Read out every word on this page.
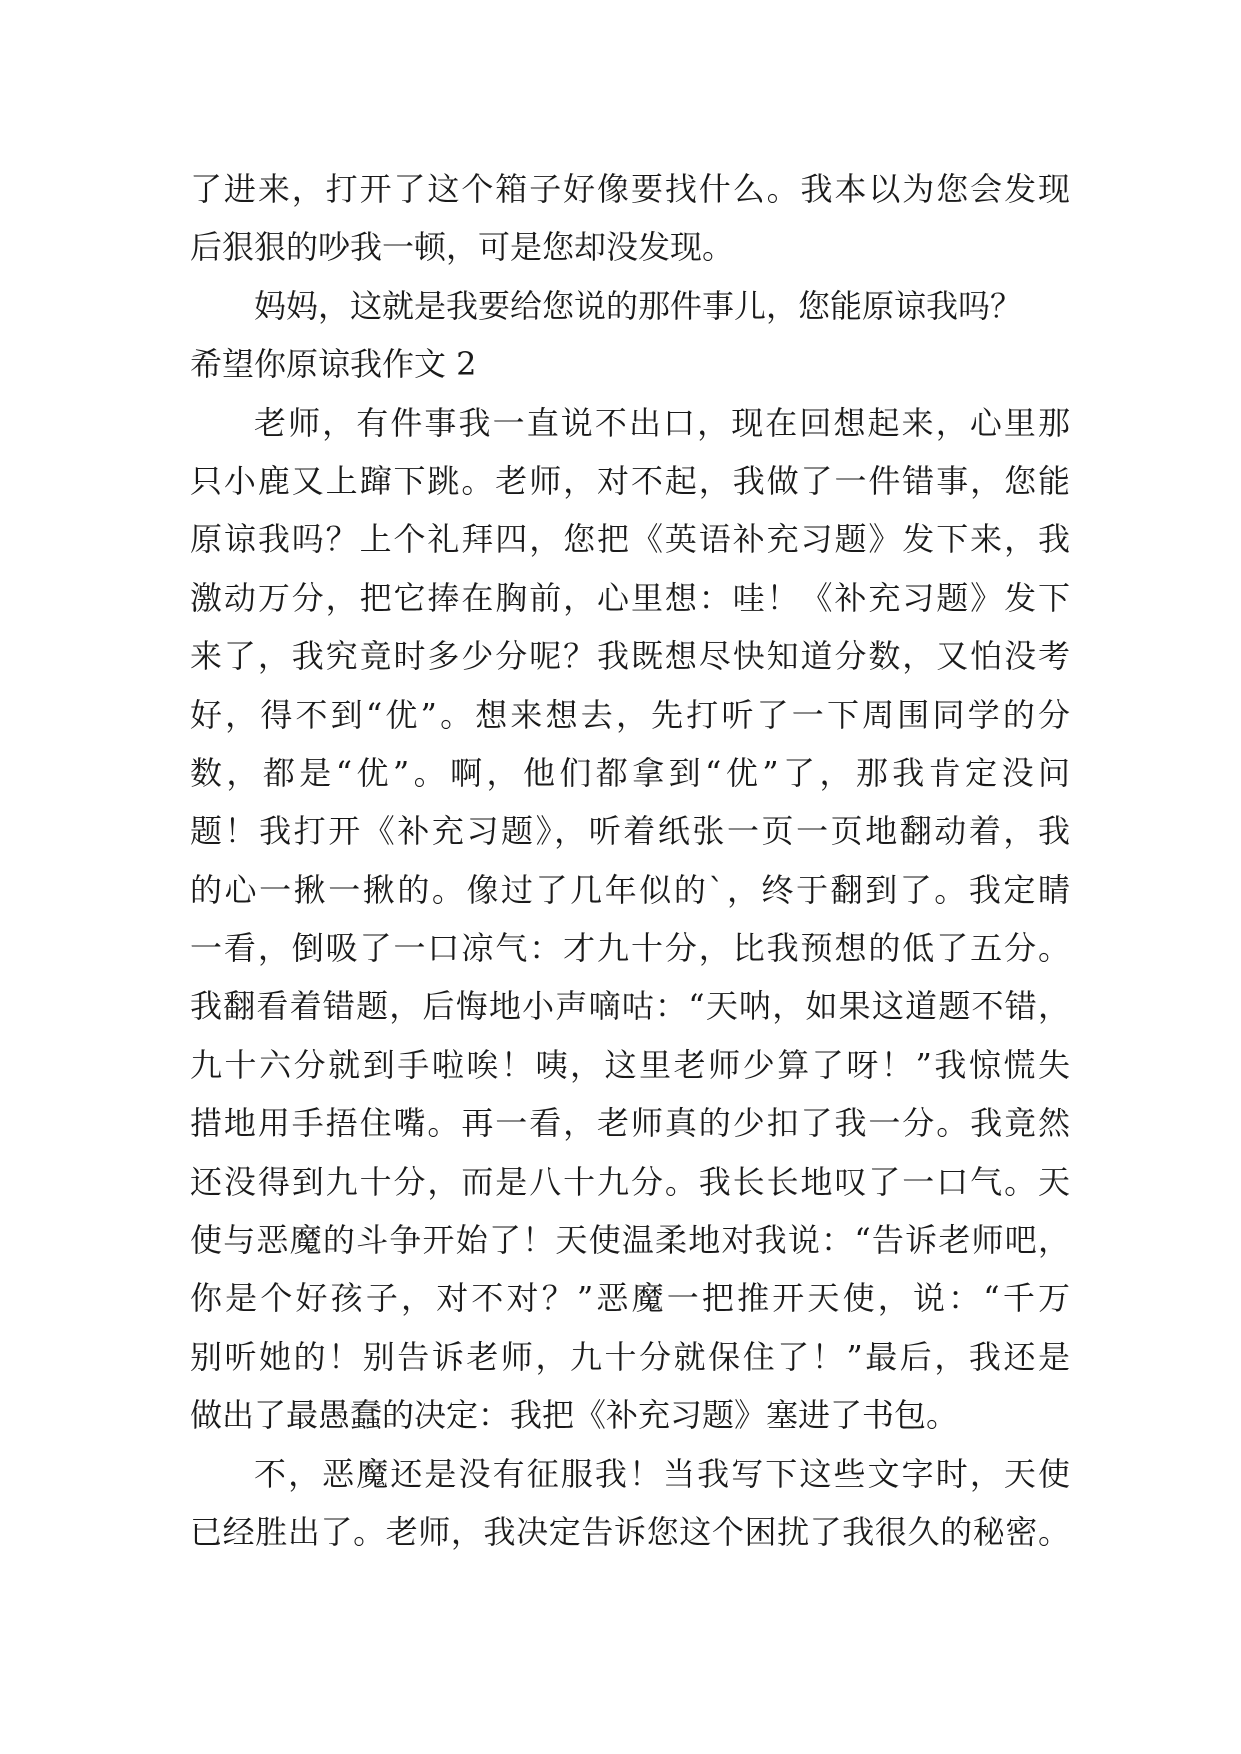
了进来，打开了这个箱子好像要找什么。我本以为您会发现
后狠狠的吵我一顿，可是您却没发现。
妈妈，这就是我要给您说的那件事儿，您能原谅我吗？
希望你原谅我作文 2
老师，有件事我一直说不出口，现在回想起来，心里那
只小鹿又上蹿下跳。老师，对不起，我做了一件错事，您能
原谅我吗？上个礼拜四，您把《英语补充习题》发下来，我
激动万分，把它捧在胸前，心里想：哇！《补充习题》发下
来了，我究竟时多少分呢？我既想尽快知道分数，又怕没考
好，得不到“优”。想来想去，先打听了一下周围同学的分
数，都是“优”。啊，他们都拿到“优”了，那我肯定没问
题！我打开《补充习题》，听着纸张一页一页地翻动着，我
的心一揪一揪的。像过了几年似的`，终于翻到了。我定睛
一看，倒吸了一口凉气：才九十分，比我预想的低了五分。
我翻看着错题，后悔地小声嘀咕：“天呐，如果这道题不错，
九十六分就到手啦唉！咦，这里老师少算了呀！”我惊慌失
措地用手捂住嘴。再一看，老师真的少扣了我一分。我竟然
还没得到九十分，而是八十九分。我长长地叹了一口气。天
使与恶魔的斗争开始了！天使温柔地对我说：“告诉老师吧，
你是个好孩子，对不对？”恶魔一把推开天使，说：“千万
别听她的！别告诉老师，九十分就保住了！”最后，我还是
做出了最愚蠢的决定：我把《补充习题》塞进了书包。
不，恶魔还是没有征服我！当我写下这些文字时，天使
已经胜出了。老师，我决定告诉您这个困扰了我很久的秘密。
